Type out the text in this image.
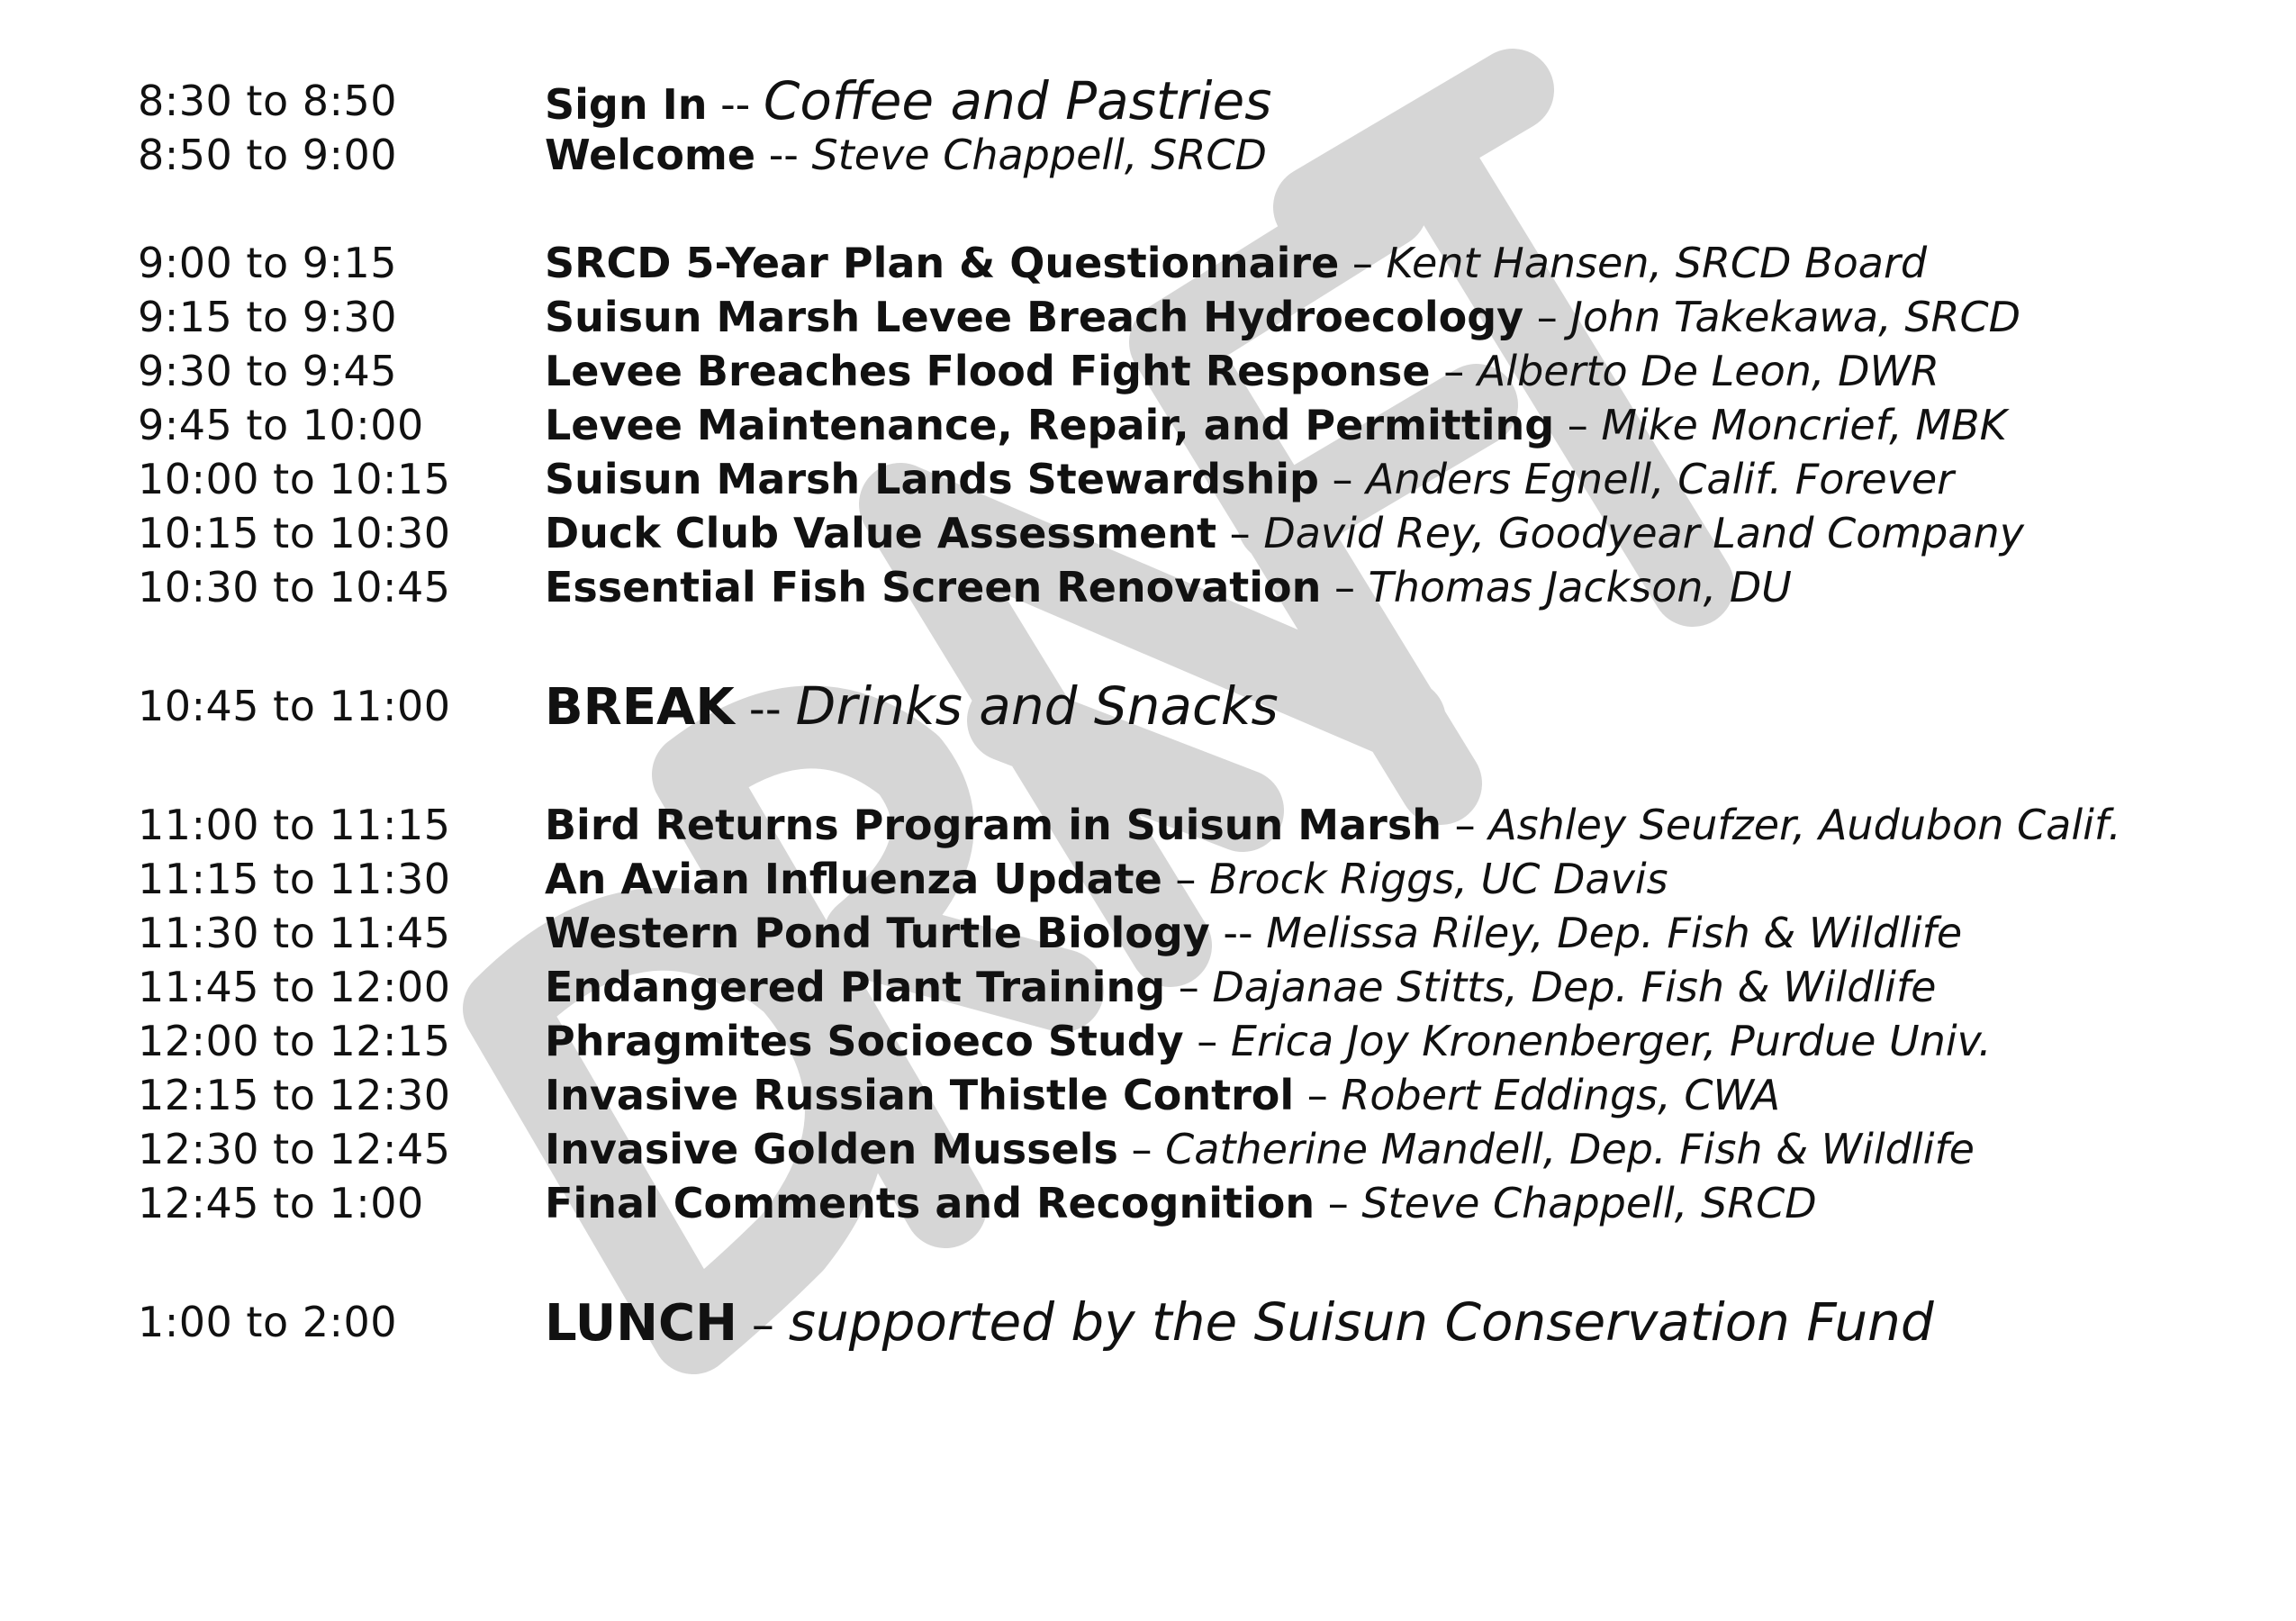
8:30 to 8:50	Sign In -- Coffee and Pastries
8:50 to 9:00	Welcome -- Steve Chappell, SRCD
9:00 to 9:15	SRCD 5-Year Plan & Questionnaire – Kent Hansen, SRCD Board
9:15 to 9:30	Suisun Marsh Levee Breach Hydroecology – John Takekawa, SRCD
9:30 to 9:45	Levee Breaches Flood Fight Response – Alberto De Leon, DWR
9:45 to 10:00	Levee Maintenance, Repair, and Permitting – Mike Moncrief, MBK
10:00 to 10:15 Suisun Marsh Lands Stewardship – Anders Egnell, Calif. Forever
10:15 to 10:30 Duck Club Value Assessment – David Rey, Goodyear Land Company
10:30 to 10:45 Essential Fish Screen Renovation – Thomas Jackson, DU
10:45 to 11:00 BREAK -- Drinks and Snacks
11:00 to 11:15 Bird Returns Program in Suisun Marsh – Ashley Seufzer, Audubon Calif.
11:15 to 11:30 An Avian Influenza Update – Brock Riggs, UC Davis
11:30 to 11:45 Western Pond Turtle Biology -- Melissa Riley, Dep. Fish & Wildlife
11:45 to 12:00 Endangered Plant Training – Dajanae Stitts, Dep. Fish & Wildlife
12:00 to 12:15 Phragmites Socioeco Study – Erica Joy Kronenberger, Purdue Univ.
12:15 to 12:30 Invasive Russian Thistle Control – Robert Eddings, CWA
12:30 to 12:45 Invasive Golden Mussels – Catherine Mandell, Dep. Fish & Wildlife
12:45 to 1:00	Final Comments and Recognition – Steve Chappell, SRCD
1:00 to 2:00	LUNCH – supported by the Suisun Conservation Fund
